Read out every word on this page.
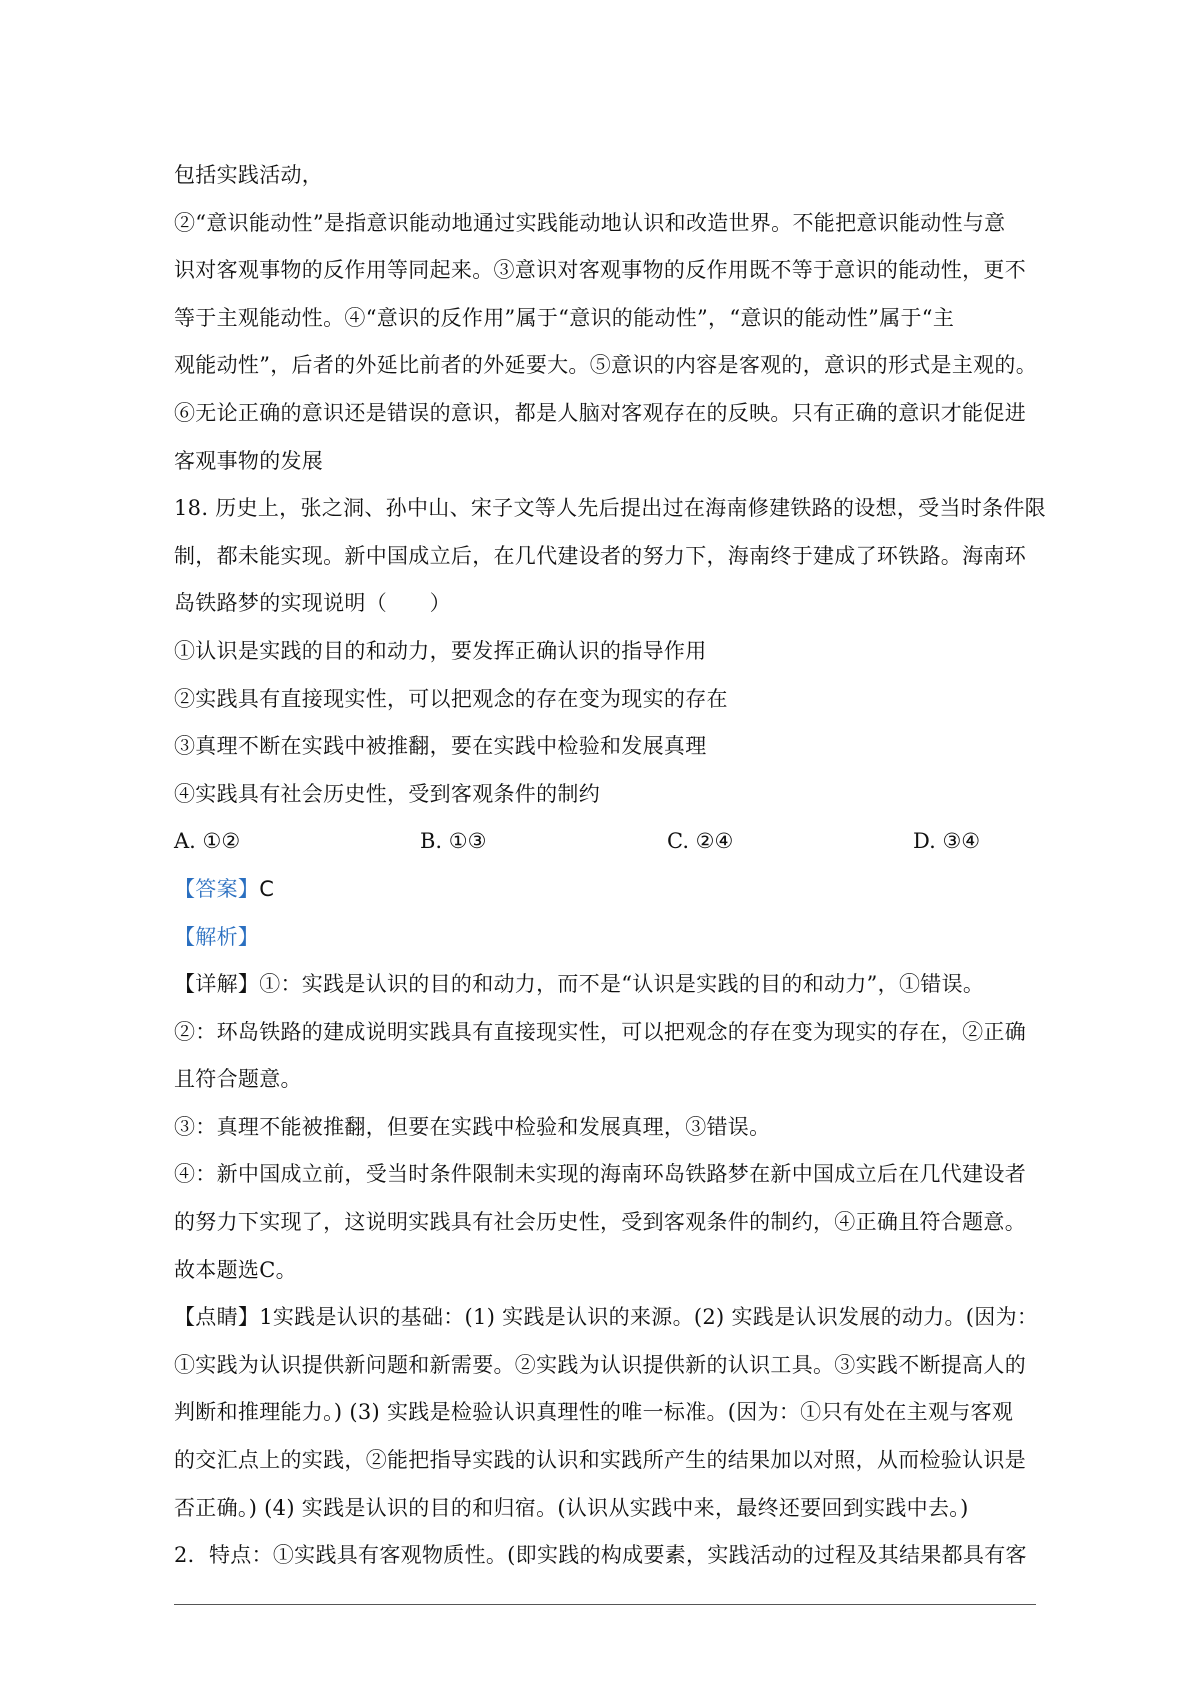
包括实践活动，
②“意识能动性”是指意识能动地通过实践能动地认识和改造世界。不能把意识能动性与意
识对客观事物的反作用等同起来。③意识对客观事物的反作用既不等于意识的能动性，更不
等于主观能动性。④“意识的反作用”属于“意识的能动性”，“意识的能动性”属于“主
观能动性”，后者的外延比前者的外延要大。⑤意识的内容是客观的，意识的形式是主观的。
⑥无论正确的意识还是错误的意识，都是人脑对客观存在的反映。只有正确的意识才能促进
客观事物的发展
18. 历史上，张之洞、孙中山、宋子文等人先后提出过在海南修建铁路的设想，受当时条件限
制，都未能实现。新中国成立后，在几代建设者的努力下，海南终于建成了环铁路。海南环
岛铁路梦的实现说明（　　）
①认识是实践的目的和动力，要发挥正确认识的指导作用
②实践具有直接现实性，可以把观念的存在变为现实的存在
③真理不断在实践中被推翻，要在实践中检验和发展真理
④实践具有社会历史性，受到客观条件的制约
A. ①②	B. ①③	C. ②④	D. ③④
【答案】C
【解析】
【详解】①：实践是认识的目的和动力，而不是“认识是实践的目的和动力”，①错误。
②：环岛铁路的建成说明实践具有直接现实性，可以把观念的存在变为现实的存在，②正确
且符合题意。
③：真理不能被推翻，但要在实践中检验和发展真理，③错误。
④：新中国成立前，受当时条件限制未实现的海南环岛铁路梦在新中国成立后在几代建设者
的努力下实现了，这说明实践具有社会历史性，受到客观条件的制约，④正确且符合题意。
故本题选C。
【点睛】1实践是认识的基础：(1) 实践是认识的来源。(2) 实践是认识发展的动力。(因为：
①实践为认识提供新问题和新需要。②实践为认识提供新的认识工具。③实践不断提高人的
判断和推理能力。) (3) 实践是检验认识真理性的唯一标准。(因为：①只有处在主观与客观
的交汇点上的实践，②能把指导实践的认识和实践所产生的结果加以对照，从而检验认识是
否正确。) (4) 实践是认识的目的和归宿。(认识从实践中来，最终还要回到实践中去。)
2．特点：①实践具有客观物质性。(即实践的构成要素，实践活动的过程及其结果都具有客
